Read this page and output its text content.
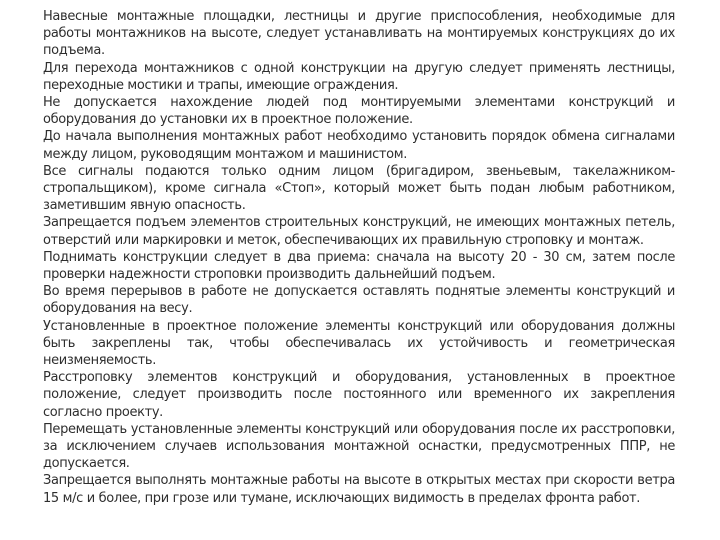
Навесные монтажные площадки, лестницы и другие приспособления, необходимые для работы монтажников на высоте, следует устанавливать на монтируемых конструкциях до их подъема.

Для перехода монтажников с одной конструкции на другую следует применять лестницы, переходные мостики и трапы, имеющие ограждения.

Не допускается нахождение людей под монтируемыми элементами конструкций и оборудования до установки их в проектное положение.

До начала выполнения монтажных работ необходимо установить порядок обмена сигналами между лицом, руководящим монтажом и машинистом.

Все сигналы подаются только одним лицом (бригадиром, звеньевым, такелажником-стропальщиком), кроме сигнала «Стоп», который может быть подан любым работником, заметившим явную опасность.

Запрещается подъем элементов строительных конструкций, не имеющих монтажных петель, отверстий или маркировки и меток, обеспечивающих их правильную строповку и монтаж.

Поднимать конструкции следует в два приема: сначала на высоту 20 - 30 см, затем после проверки надежности строповки производить дальнейший подъем.

Во время перерывов в работе не допускается оставлять поднятые элементы конструкций и оборудования на весу.

Установленные в проектное положение элементы конструкций или оборудования должны быть закреплены так, чтобы обеспечивалась их устойчивость и геометрическая неизменяемость.

Расстроповку элементов конструкций и оборудования, установленных в проектное положение, следует производить после постоянного или временного их закрепления согласно проекту.

Перемещать установленные элементы конструкций или оборудования после их расстроповки, за исключением случаев использования монтажной оснастки, предусмотренных ППР, не допускается.

Запрещается выполнять монтажные работы на высоте в открытых местах при скорости ветра 15 м/с и более, при грозе или тумане, исключающих видимость в пределах фронта работ.
